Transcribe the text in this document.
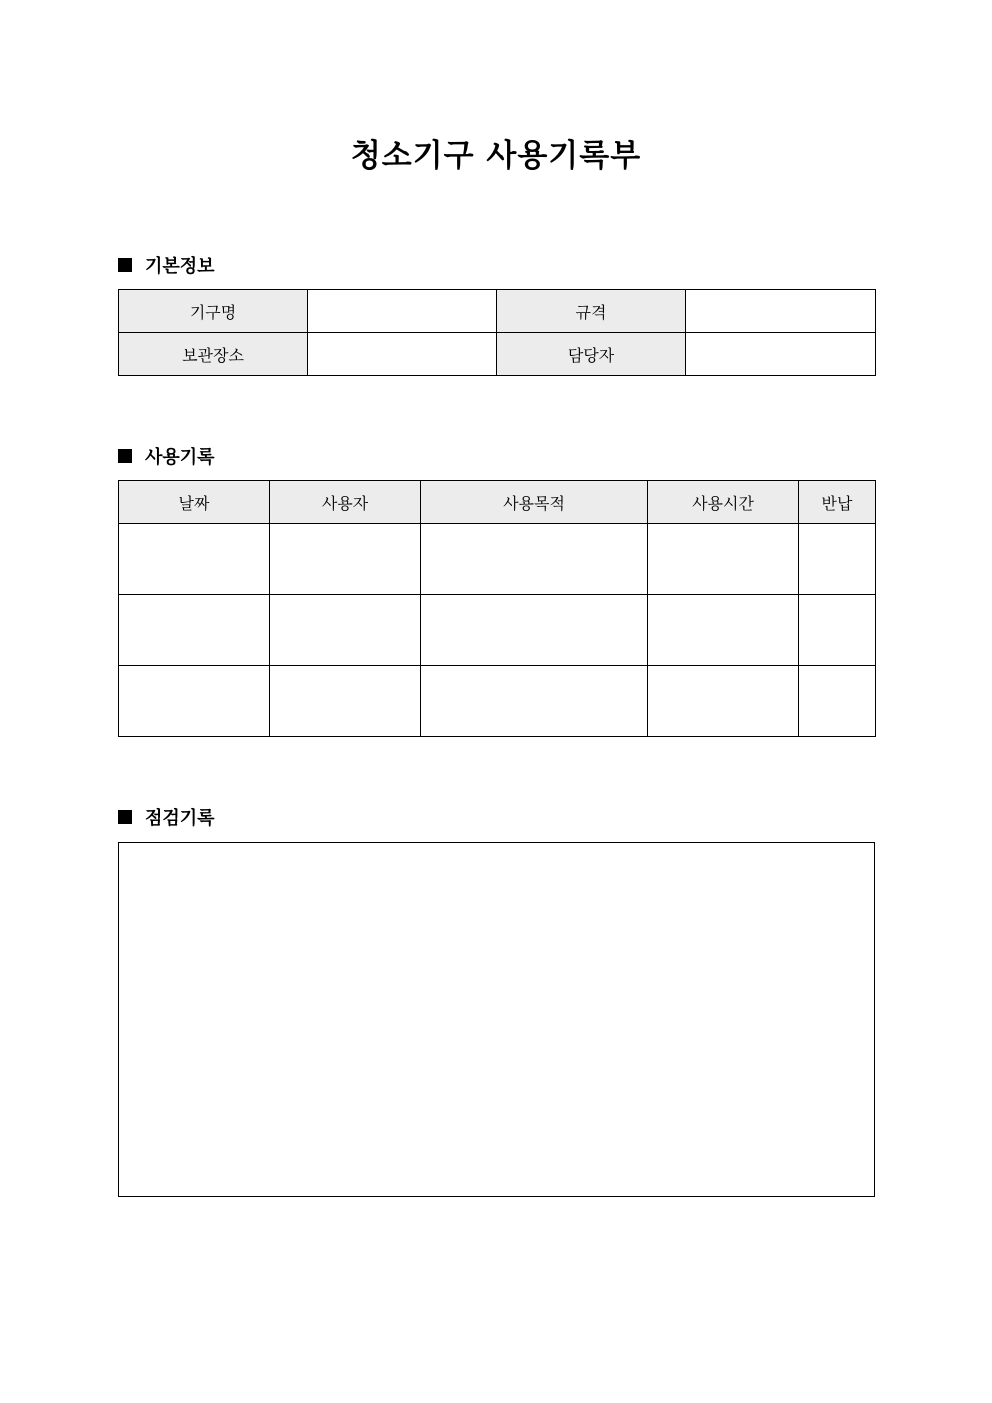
청소기구 사용기록부
기본정보
기구명		규격	
보관장소		담당자	
사용기록
날짜	사용자	사용목적	사용시간	반납

점검기록
